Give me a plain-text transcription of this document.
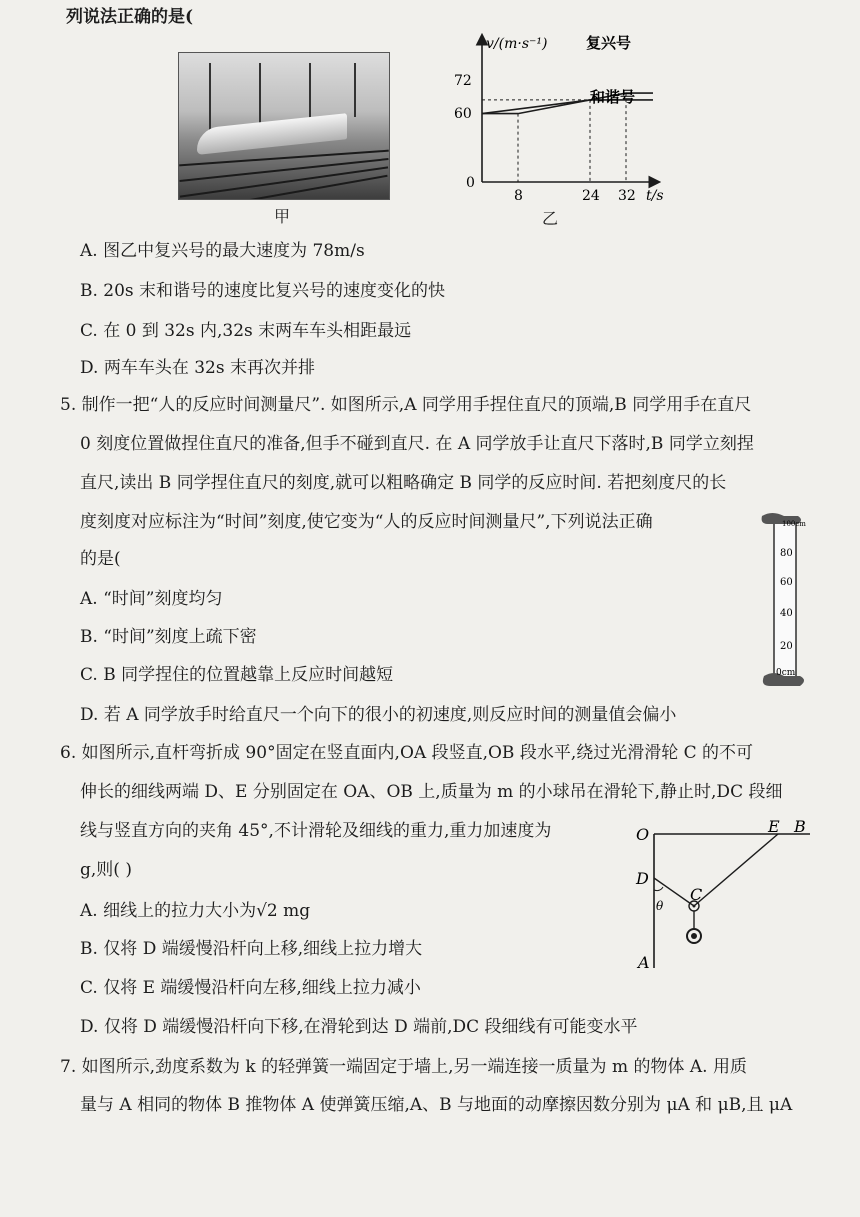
列说法正确的是(
甲
v/(m·s⁻¹)
t/s
72
60
0
8	24 32
复兴号
和谐号
乙
A. 图乙中复兴号的最大速度为 78m/s
B. 20s 末和谐号的速度比复兴号的速度变化的快
C. 在 0 到 32s 内,32s 末两车车头相距最远
D. 两车车头在 32s 末再次并排
5. 制作一把“人的反应时间测量尺”. 如图所示,A 同学用手捏住直尺的顶端,B 同学用手在直尺
0 刻度位置做捏住直尺的准备,但手不碰到直尺. 在 A 同学放手让直尺下落时,B 同学立刻捏
直尺,读出 B 同学捏住直尺的刻度,就可以粗略确定 B 同学的反应时间. 若把刻度尺的长
度刻度对应标注为“时间”刻度,使它变为“人的反应时间测量尺”,下列说法正确
的是(
100cm
80
60
40
20
0cm
A. “时间”刻度均匀
B. “时间”刻度上疏下密
C. B 同学捏住的位置越靠上反应时间越短
D. 若 A 同学放手时给直尺一个向下的很小的初速度,则反应时间的测量值会偏小
6. 如图所示,直杆弯折成 90°固定在竖直面内,OA 段竖直,OB 段水平,绕过光滑滑轮 C 的不可
伸长的细线两端 D、E 分别固定在 OA、OB 上,质量为 m 的小球吊在滑轮下,静止时,DC 段细
线与竖直方向的夹角 45°,不计滑轮及细线的重力,重力加速度为
g,则( )
O	E B
D
C
θ
A
A. 细线上的拉力大小为√2 mg
B. 仅将 D 端缓慢沿杆向上移,细线上拉力增大
C. 仅将 E 端缓慢沿杆向左移,细线上拉力减小
D. 仅将 D 端缓慢沿杆向下移,在滑轮到达 D 端前,DC 段细线有可能变水平
7. 如图所示,劲度系数为 k 的轻弹簧一端固定于墙上,另一端连接一质量为 m 的物体 A. 用质
量与 A 相同的物体 B 推物体 A 使弹簧压缩,A、B 与地面的动摩擦因数分别为 μA 和 μB,且 μA
